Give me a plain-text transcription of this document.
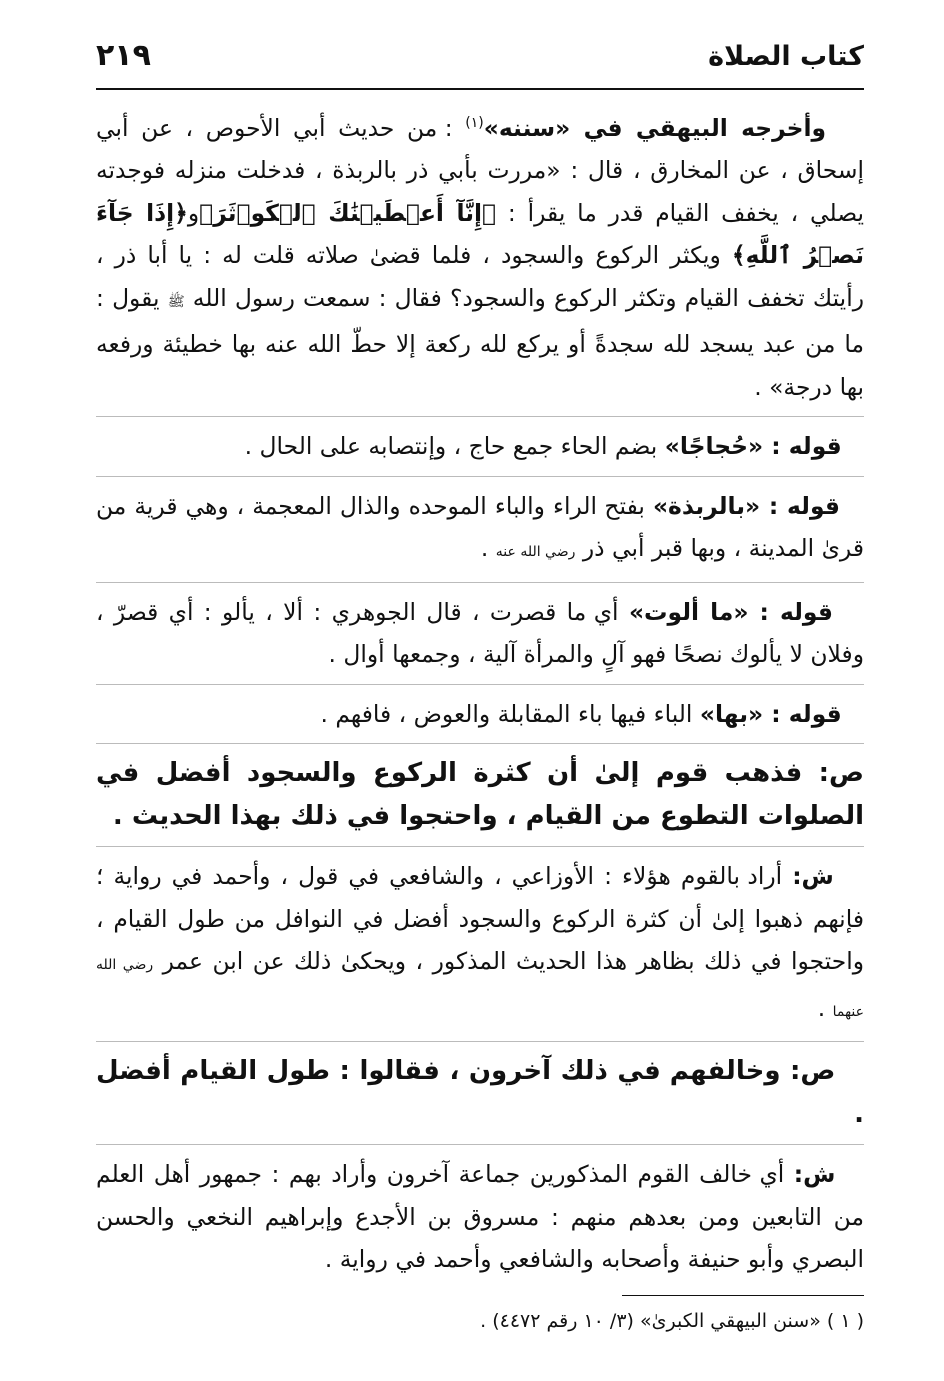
كتاب الصلاة
٢١٩

وأخرجه البيهقي في «سننه»$^{(١)}$ : من حديث أبي الأحوص ، عن أبي إسحاق ، عن المخارق ، قال : «مررت بأبي ذر بالربذة ، فدخلت منزله فوجدته يصلي ، يخفف القيام قدر ما يقرأ : ﴿إِنَّآ أَعۡطَيۡنَٰكَ ٱلۡكَوۡثَرَ﴾و﴿إِذَا جَآءَ نَصۡرُ ٱللَّهِ﴾ ويكثر الركوع والسجود ، فلما قضىٰ صلاته قلت له : يا أبا ذر ، رأيتك تخفف القيام وتكثر الركوع والسجود؟ فقال : سمعت رسول الله ﷺ يقول : ما من عبد يسجد لله سجدةً أو يركع لله ركعة إلا حطّ الله عنه بها خطيئة ورفعه بها درجة» .

قوله : «حُجاجًا» بضم الحاء جمع حاج ، وإنتصابه على الحال .

قوله : «بالربذة» بفتح الراء والباء الموحده والذال المعجمة ، وهي قرية من قرىٰ المدينة ، وبها قبر أبي ذر رضي الله عنه .

قوله : «ما ألوت» أي ما قصرت ، قال الجوهري : ألا ، يألو : أي قصرّ ، وفلان لا يألوك نصحًا فهو آلٍ والمرأة آلية ، وجمعها أوال .

قوله : «بها» الباء فيها باء المقابلة والعوض ، فافهم .

ص: فذهب قوم إلىٰ أن كثرة الركوع والسجود أفضل في الصلوات التطوع من القيام ، واحتجوا في ذلك بهذا الحديث .

ش: أراد بالقوم هؤلاء : الأوزاعي ، والشافعي في قول ، وأحمد في رواية ؛ فإنهم ذهبوا إلىٰ أن كثرة الركوع والسجود أفضل في النوافل من طول القيام ، واحتجوا في ذلك بظاهر هذا الحديث المذكور ، ويحكىٰ ذلك عن ابن عمر رضي الله عنهما .

ص: وخالفهم في ذلك آخرون ، فقالوا : طول القيام أفضل .

ش: أي خالف القوم المذكورين جماعة آخرون وأراد بهم : جمهور أهل العلم من التابعين ومن بعدهم منهم : مسروق بن الأجدع وإبراهيم النخعي والحسن البصري وأبو حنيفة وأصحابه والشافعي وأحمد في رواية .

( ١ ) «سنن البيهقي الكبرىٰ» (٣/ ١٠ رقم ٤٤٧٢) .
